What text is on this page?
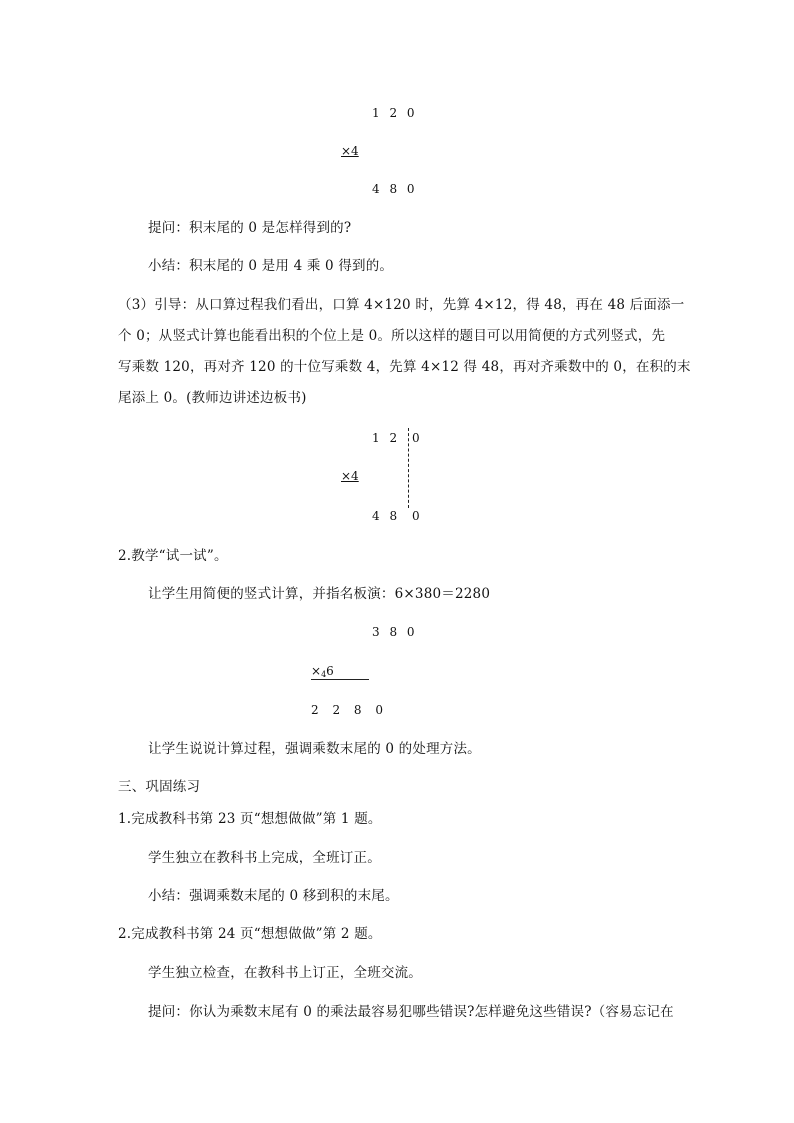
1 2 0
×4
4 8 0
提问：积末尾的 0 是怎样得到的?
小结：积末尾的 0 是用 4 乘 0 得到的。
（3）引导：从口算过程我们看出，口算 4×120 时，先算 4×12，得 48，再在 48 后面添一
个 0；从竖式计算也能看出积的个位上是 0。所以这样的题目可以用简便的方式列竖式，先
写乘数 120，再对齐 120 的十位写乘数 4，先算 4×12 得 48，再对齐乘数中的 0，在积的末
尾添上 0。(教师边讲述边板书)
1 2 0
×4
4 8 0
2.教学“试一试”。
让学生用简便的竖式计算，并指名板演：6×380＝2280
3 8 0
$\times_46$
2 2 8 0
让学生说说计算过程，强调乘数末尾的 0 的处理方法。
三、巩固练习
1.完成教科书第 23 页“想想做做”第 1 题。
学生独立在教科书上完成，全班订正。
小结：强调乘数末尾的 0 移到积的末尾。
2.完成教科书第 24 页“想想做做”第 2 题。
学生独立检查，在教科书上订正，全班交流。
提问：你认为乘数末尾有 0 的乘法最容易犯哪些错误?怎样避免这些错误?（容易忘记在
